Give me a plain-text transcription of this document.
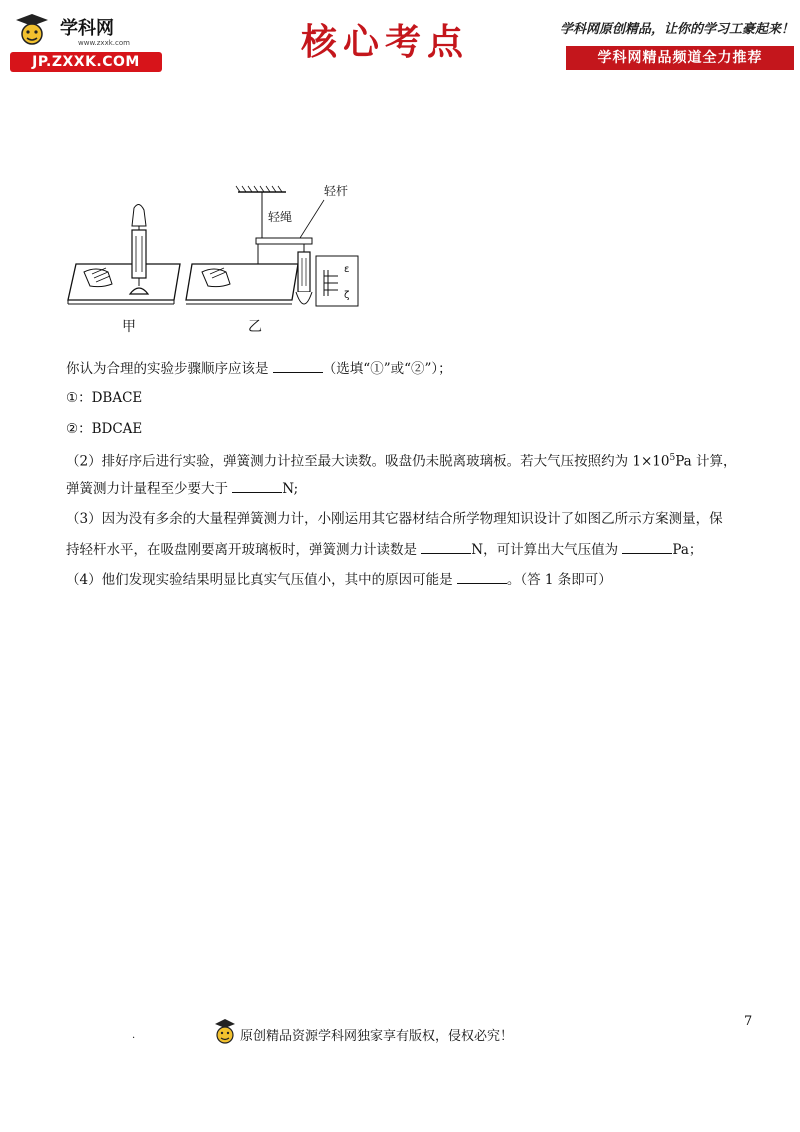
学科网
www.zxxk.com
JP.ZXXK.COM	核心考点	学科网原创精品，让你的学习工豪起来！
学科网精品频道全力推荐
ε
ζ
甲	乙
轻杆
轻绳
你认为合理的实验步骤顺序应该是	（选填“①”或“②”）；
①：DBACE
②：BDCAE
（2）排好序后进行实验，弹簧测力计拉至最大读数。吸盘仍未脱离玻璃板。若大气压按照约为 $1\times 10^5Pa$ 计算，
弹簧测力计量程至少要大于	N;
（3）因为没有多余的大量程弹簧测力计，小刚运用其它器材结合所学物理知识设计了如图乙所示方案测量，保
持轻杆水平，在吸盘刚要离开玻璃板时，弹簧测力计读数是	N，可计算出大气压值为	Pa；
（4）他们发现实验结果明显比真实气压值小，其中的原因可能是	。（答 1 条即可）
7
.	原创精品资源学科网独家享有版权，侵权必究！
